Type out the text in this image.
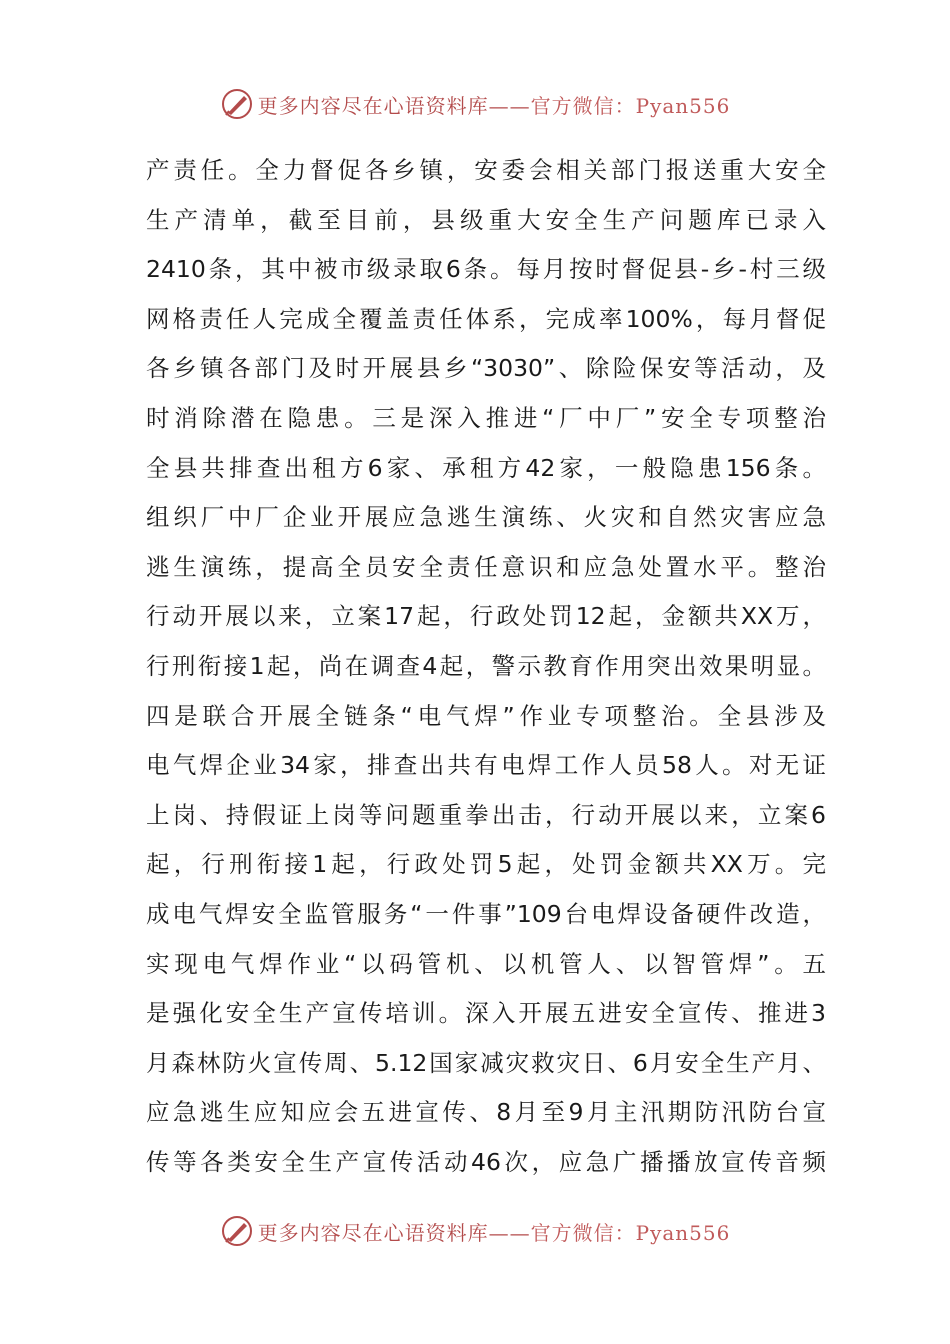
更多内容尽在心语资料库——官方微信：Pyan556
产责任。全力督促各乡镇，安委会相关部门报送重大安全
生产清单，截至目前，县级重大安全生产问题库已录入
2410条，其中被市级录取6条。每月按时督促县-乡-村三级
网格责任人完成全覆盖责任体系，完成率100%，每月督促
各乡镇各部门及时开展县乡“3030”、除险保安等活动，及
时消除潜在隐患。三是深入推进“厂中厂”安全专项整治
全县共排查出租方6家、承租方42家，一般隐患156条。
组织厂中厂企业开展应急逃生演练、火灾和自然灾害应急
逃生演练，提高全员安全责任意识和应急处置水平。整治
行动开展以来，立案17起，行政处罚12起，金额共XX万，
行刑衔接1起，尚在调查4起，警示教育作用突出效果明显。
四是联合开展全链条“电气焊”作业专项整治。全县涉及
电气焊企业34家，排查出共有电焊工作人员58人。对无证
上岗、持假证上岗等问题重拳出击，行动开展以来，立案6
起，行刑衔接1起，行政处罚5起，处罚金额共XX万。完
成电气焊安全监管服务“一件事”109台电焊设备硬件改造，
实现电气焊作业“以码管机、以机管人、以智管焊”。五
是强化安全生产宣传培训。深入开展五进安全宣传、推进3
月森林防火宣传周、5.12国家减灾救灾日、6月安全生产月、
应急逃生应知应会五进宣传、8月至9月主汛期防汛防台宣
传等各类安全生产宣传活动46次，应急广播播放宣传音频
更多内容尽在心语资料库——官方微信：Pyan556
